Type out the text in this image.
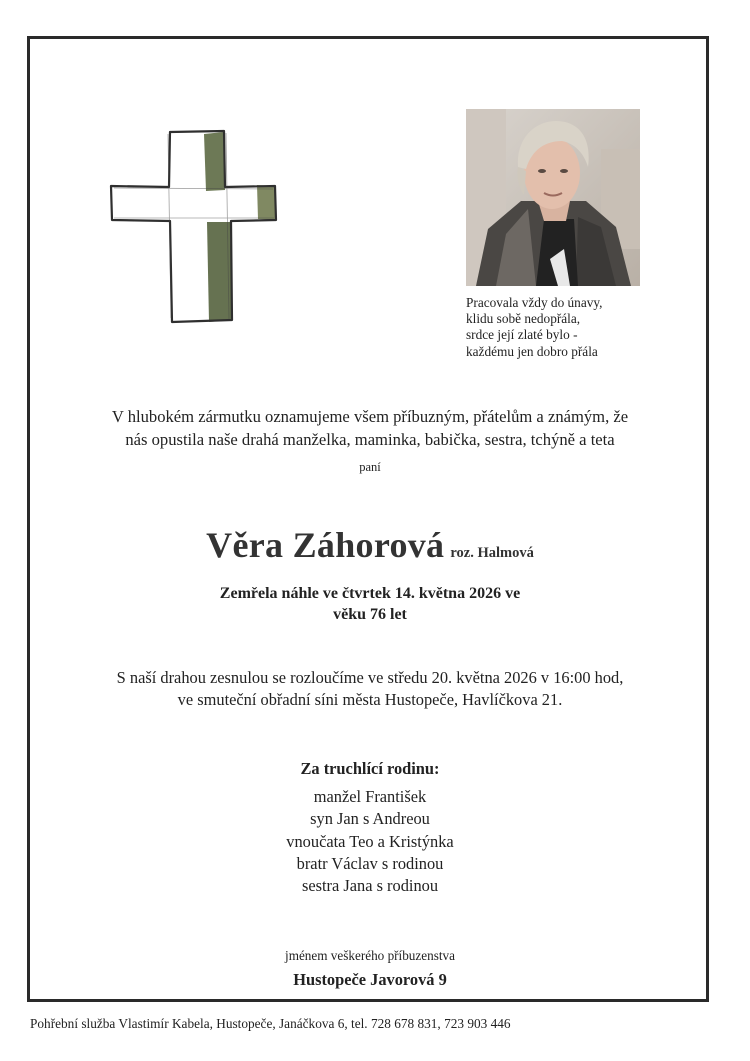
Pracovala vždy do únavy,
klidu sobě nedopřála,
srdce její zlaté bylo -
každému jen dobro přála
V hlubokém zármutku oznamujeme všem příbuzným, přátelům a známým, že
nás opustila naše drahá manželka, maminka, babička, sestra, tchýně a teta
paní
Věra Záhorová roz. Halmová
Zemřela náhle ve čtvrtek 14. května 2026 ve
věku 76 let
S naší drahou zesnulou se rozloučíme ve středu 20. května 2026 v 16:00 hod,
ve smuteční obřadní síni města Hustopeče, Havlíčkova 21.
Za truchlící rodinu:
manžel František
syn Jan s Andreou
vnoučata Teo a Kristýnka
bratr Václav s rodinou
sestra Jana s rodinou
jménem veškerého příbuzenstva
Hustopeče Javorová 9
Pohřební služba Vlastimír Kabela, Hustopeče, Janáčkova 6, tel. 728 678 831, 723 903 446
